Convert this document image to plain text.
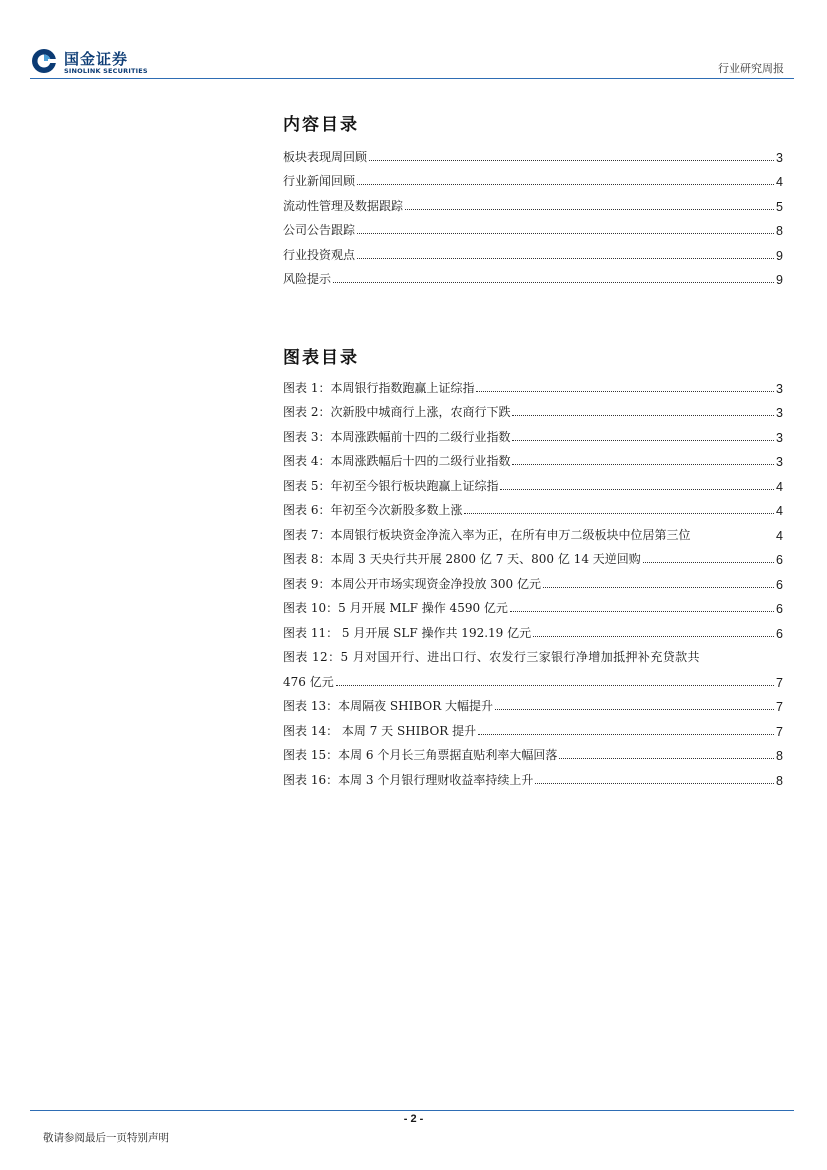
国金证券
SINOLINK SECURITIES	行业研究周报
内容目录
板块表现周回顾	3
行业新闻回顾	4
流动性管理及数据跟踪	5
公司公告跟踪	8
行业投资观点	9
风险提示	9
图表目录
图表 1：本周银行指数跑赢上证综指	3
图表 2：次新股中城商行上涨，农商行下跌	3
图表 3：本周涨跌幅前十四的二级行业指数	3
图表 4：本周涨跌幅后十四的二级行业指数	3
图表 5：年初至今银行板块跑赢上证综指	4
图表 6：年初至今次新股多数上涨	4
图表 7：本周银行板块资金净流入率为正，在所有申万二级板块中位居第三位	4
图表 8：本周 3 天央行共开展 2800 亿 7 天、800 亿 14 天逆回购	6
图表 9：本周公开市场实现资金净投放 300 亿元	6
图表 10：5 月开展 MLF 操作 4590 亿元	6
图表 11： 5 月开展 SLF 操作共 192.19 亿元	6
图表 12：5 月对国开行、进出口行、农发行三家银行净增加抵押补充贷款共
476 亿元	7
图表 13：本周隔夜 SHIBOR 大幅提升	7
图表 14： 本周 7 天 SHIBOR 提升	7
图表 15：本周 6 个月长三角票据直贴利率大幅回落	8
图表 16：本周 3 个月银行理财收益率持续上升	8
- 2 -
敬请参阅最后一页特别声明
